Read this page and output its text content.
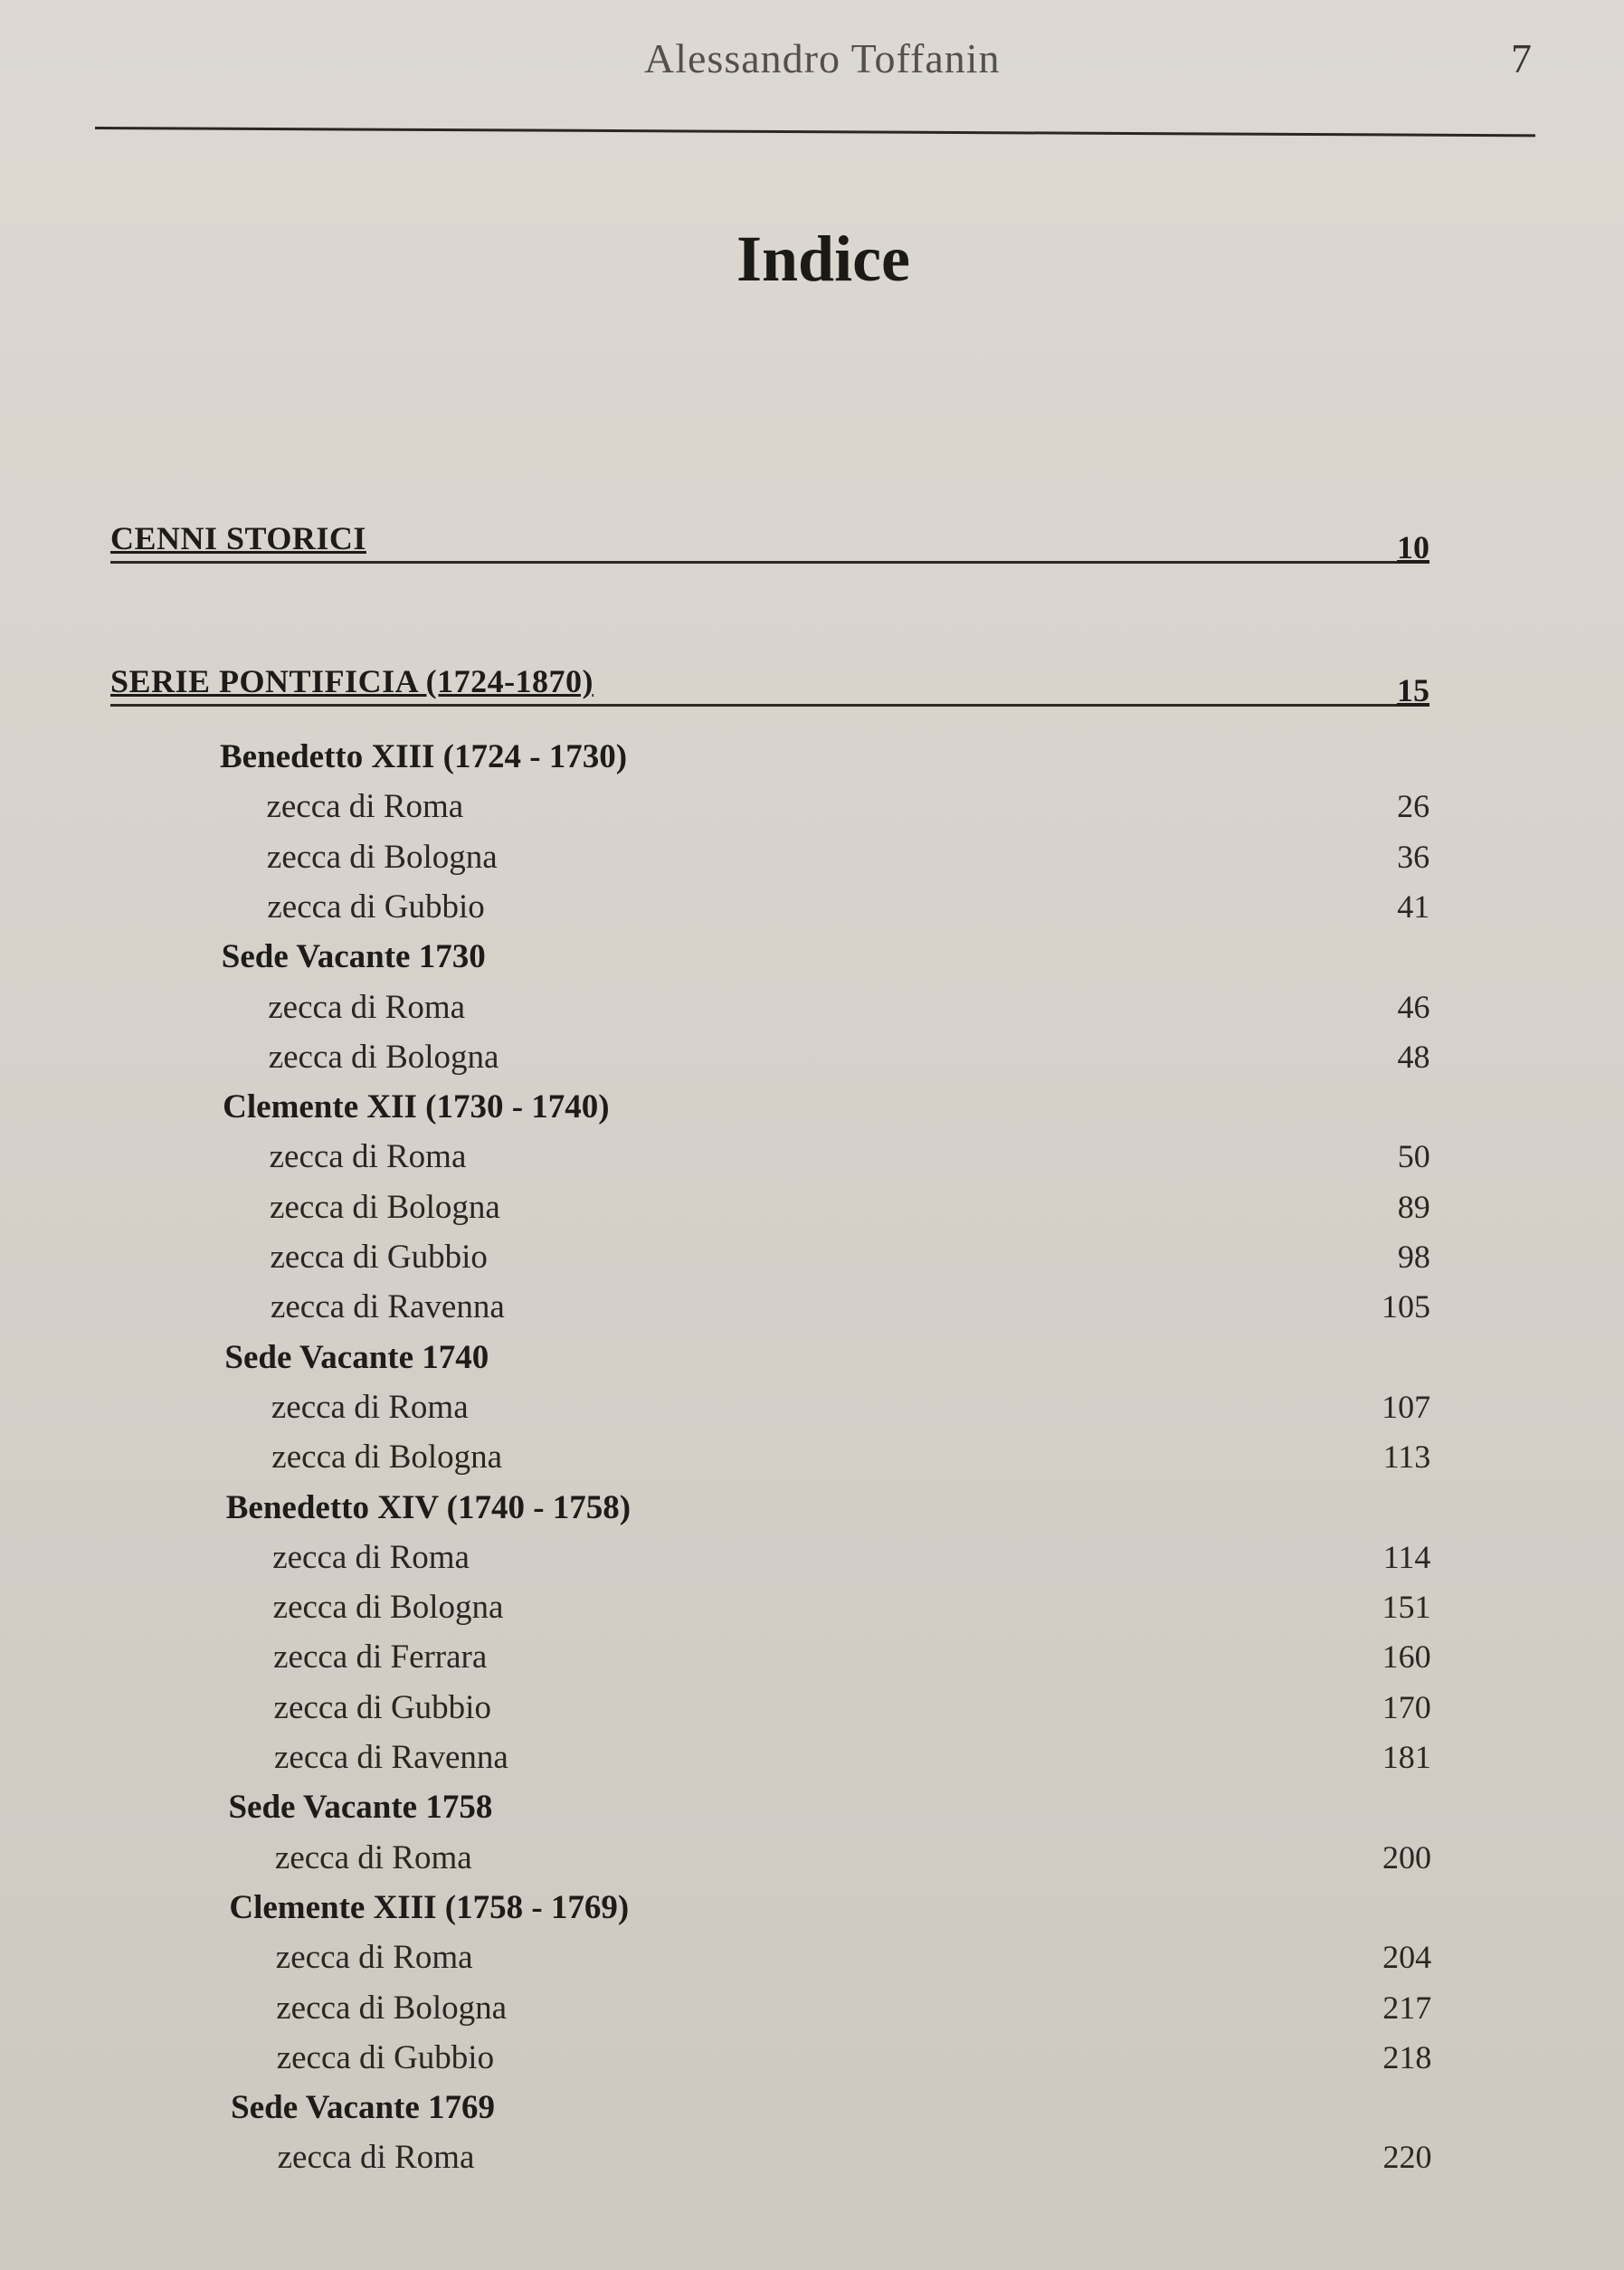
Alessandro Toffanin	7
Indice
CENNI STORICI	10
SERIE PONTIFICIA (1724-1870)	15
Benedetto XIII (1724 - 1730)
zecca di Roma	26
zecca di Bologna	36
zecca di Gubbio	41
Sede Vacante 1730
zecca di Roma	46
zecca di Bologna	48
Clemente XII (1730 - 1740)
zecca di Roma	50
zecca di Bologna	89
zecca di Gubbio	98
zecca di Ravenna	105
Sede Vacante 1740
zecca di Roma	107
zecca di Bologna	113
Benedetto XIV (1740 - 1758)
zecca di Roma	114
zecca di Bologna	151
zecca di Ferrara	160
zecca di Gubbio	170
zecca di Ravenna	181
Sede Vacante 1758
zecca di Roma	200
Clemente XIII (1758 - 1769)
zecca di Roma	204
zecca di Bologna	217
zecca di Gubbio	218
Sede Vacante 1769
zecca di Roma	220
